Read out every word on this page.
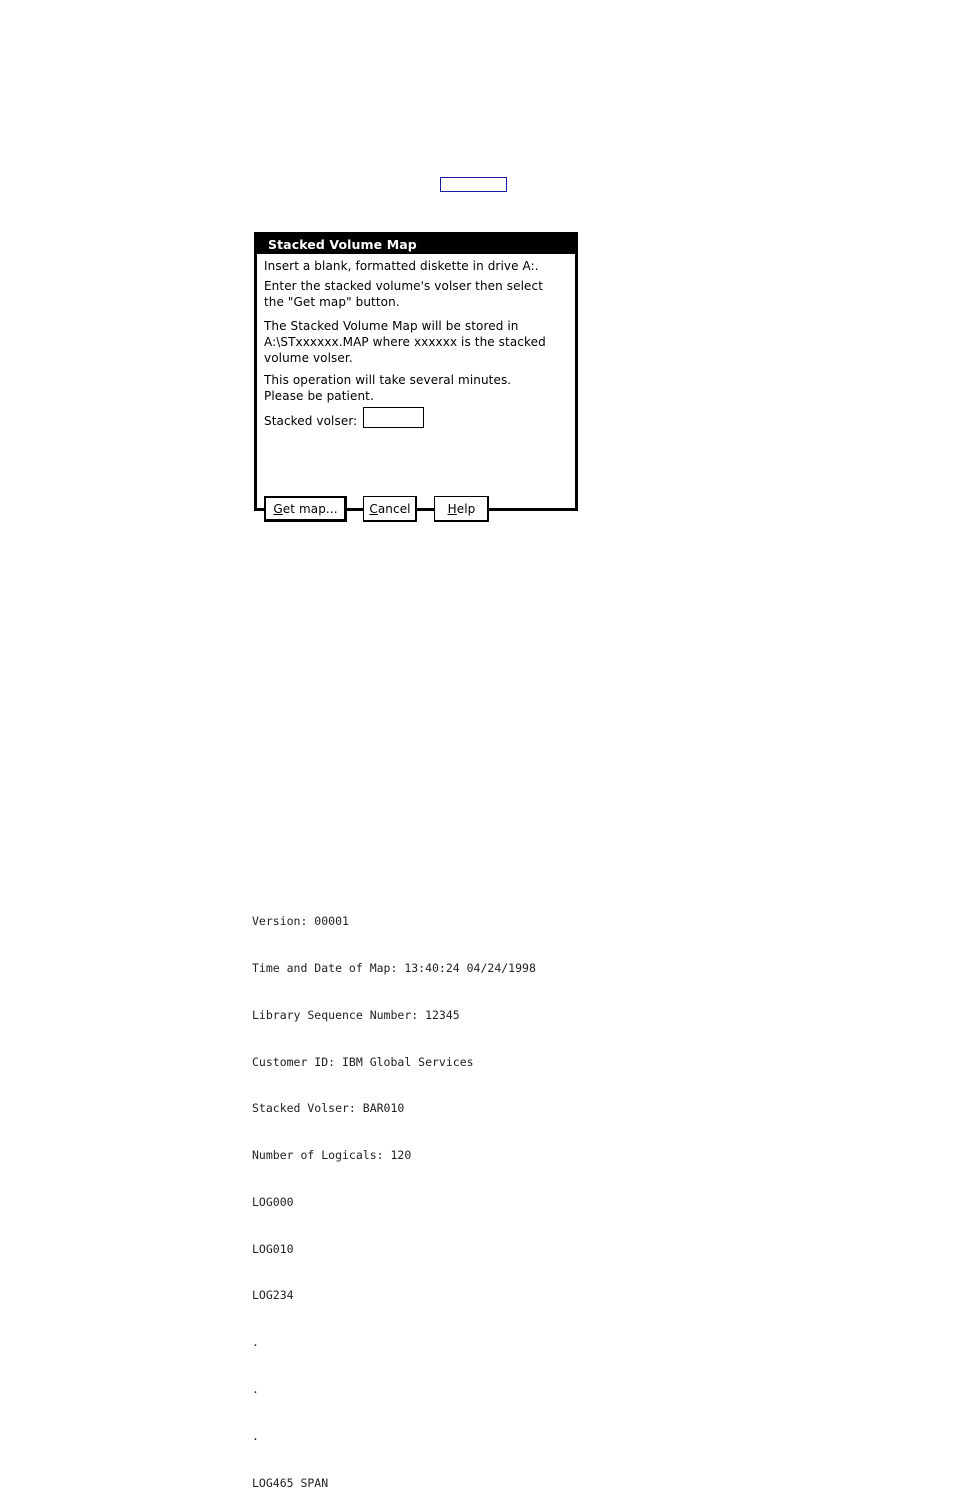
Stacked Volume Map
Insert a blank, formatted diskette in drive A:.
Enter the stacked volume's volser then select
the "Get map" button.
The Stacked Volume Map will be stored in
A:\STxxxxxx.MAP where xxxxxx is the stacked
volume volser.
This operation will take several minutes.
Please be patient.
Stacked volser:
Get map...	Cancel	Help

Version: 00001

Time and Date of Map: 13:40:24 04/24/1998

Library Sequence Number: 12345

Customer ID: IBM Global Services

Stacked Volser: BAR010

Number of Logicals: 120

LOG000

LOG010

LOG234

.

.

.

LOG465 SPAN
